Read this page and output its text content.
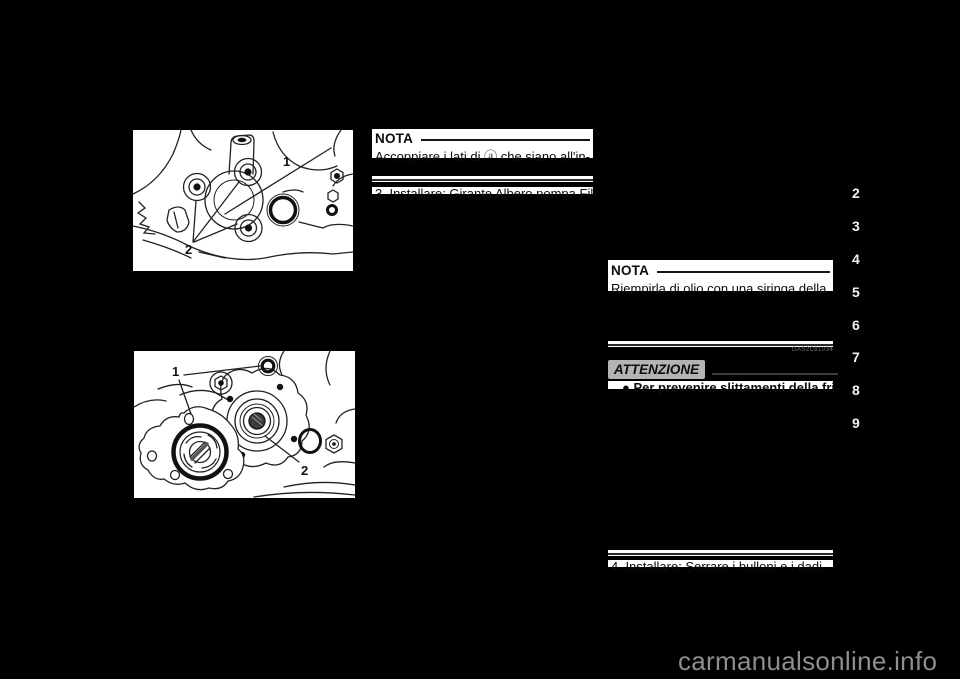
1
2
1
2
NOTA
Accoppiare i lati di ⓐ che siano all'in-
3. Installare: Girante Albero pompa Fil-
NOTA
Riempirla di olio con una siringa della
GAS2C81034
ATTENZIONE
● Per prevenire slittamenti della fri-
4. Installare: Serrare i bulloni e i dadi
2
3
4
5
6
7
8
9
carmanualsonline.info
